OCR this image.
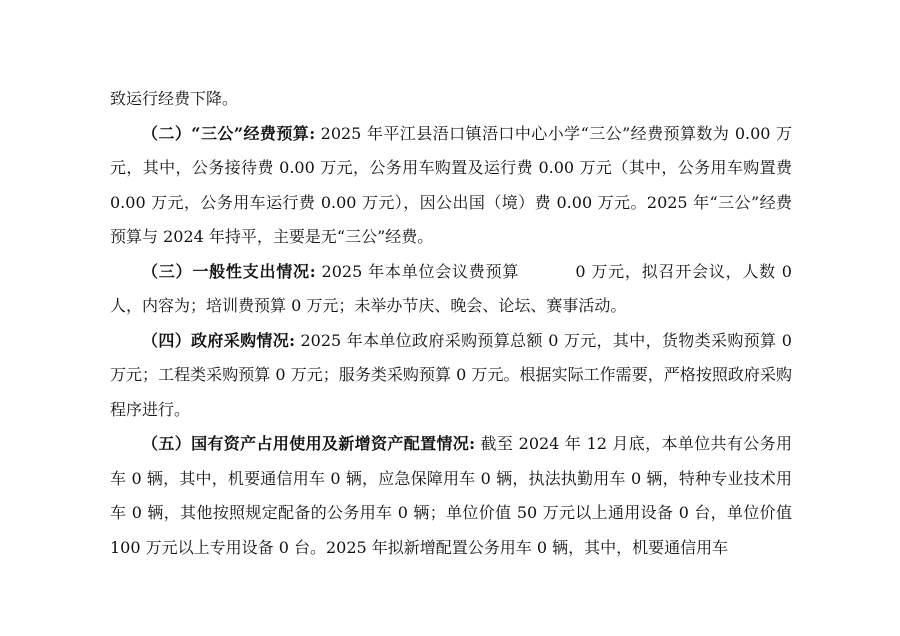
致运行经费下降。

（二）“三公”经费预算: 2025 年平江县浯口镇浯口中心小学“三公”经费预算数为 0.00 万元，其中，公务接待费 0.00 万元，公务用车购置及运行费 0.00 万元（其中，公务用车购置费 0.00 万元，公务用车运行费 0.00 万元），因公出国（境）费 0.00 万元。2025 年“三公”经费预算与 2024 年持平，主要是无“三公”经费。

（三）一般性支出情况: 2025 年本单位会议费预算 　　　0 万元，拟召开会议，人数 0 人，内容为；培训费预算 0 万元；未举办节庆、晚会、论坛、赛事活动。

（四）政府采购情况: 2025 年本单位政府采购预算总额 0 万元，其中，货物类采购预算 0 万元；工程类采购预算 0 万元；服务类采购预算 0 万元。根据实际工作需要，严格按照政府采购程序进行。

（五）国有资产占用使用及新增资产配置情况: 截至 2024 年 12 月底，本单位共有公务用车 0 辆，其中，机要通信用车 0 辆，应急保障用车 0 辆，执法执勤用车 0 辆，特种专业技术用车 0 辆，其他按照规定配备的公务用车 0 辆；单位价值 50 万元以上通用设备 0 台，单位价值 100 万元以上专用设备 0 台。2025 年拟新增配置公务用车 0 辆，其中，机要通信用车
